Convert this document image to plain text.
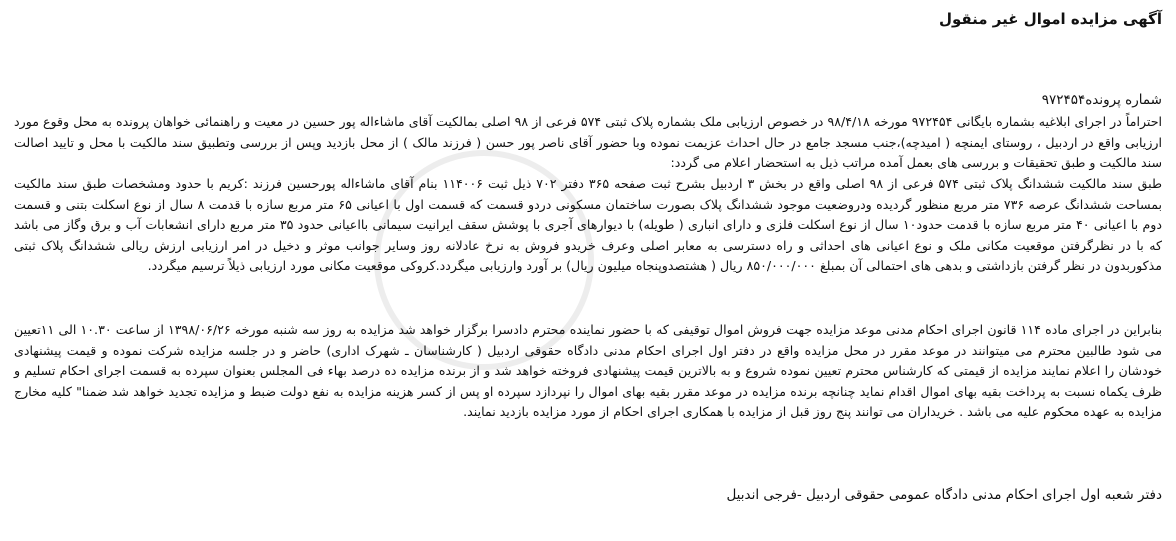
آگهی مزایده اموال غیر منقول
شماره پرونده۹۷۲۴۵۴

احتراماً در اجرای ابلاغیه بشماره بایگانی ۹۷۲۴۵۴ مورخه ۹۸/۴/۱۸ در خصوص ارزیابی ملک بشماره پلاک ثبتی ۵۷۴ فرعی از ۹۸ اصلی بمالکیت آقای ماشاءاله پور حسین در معیت و راهنمائی خواهان پرونده به محل وقوع مورد ارزیابی واقع در اردبیل ، روستای ایمنچه ( امیدچه)،جنب مسجد جامع در حال احداث عزیمت نموده وبا حضور آقای ناصر پور حسن ( فرزند مالک ) از محل بازدید وپس از بررسی وتطبیق سند مالکیت با محل و تایید اصالت سند مالکیت و طبق تحقیقات و بررسی های بعمل آمده مراتب ذیل به استحضار اعلام می گردد:

طبق سند مالکیت ششدانگ پلاک ثبتی ۵۷۴ فرعی از ۹۸ اصلی واقع در بخش ۳ اردبیل بشرح ثبت صفحه ۳۶۵ دفتر ۷۰۲ ذیل ثبت ۱۱۴۰۰۶ بنام آقای ماشاءاله پورحسین فرزند :کریم با حدود ومشخصات طبق سند مالکیت بمساحت ششدانگ عرصه ۷۳۶ متر مربع منظور گردیده ودروضعیت موجود ششدانگ پلاک بصورت ساختمان مسکونی دردو قسمت که قسمت اول با اعیانی ۶۵ متر مربع سازه با قدمت ۸ سال از نوع اسکلت بتنی و قسمت دوم با اعیانی ۴۰ متر مربع سازه با قدمت حدود۱۰ سال از نوع اسکلت فلزی و دارای انباری ( طویله) با دیوارهای آجری با پوشش سقف ایرانیت سیمانی بااعیانی حدود ۳۵ متر مربع دارای انشعابات آب و برق وگاز می باشد که با در نظرگرفتن موقعیت مکانی ملک و نوع اعیانی های احداثی و راه دسترسی به معابر اصلی وعرف خریدو فروش به نرخ عادلانه روز وسایر جوانب موثر و دخیل در امر ارزیابی ارزش ریالی ششدانگ پلاک ثبتی مذکوربدون در نظر گرفتن بازداشتی و بدهی های احتمالی آن بمبلغ ۸۵۰/۰۰۰/۰۰۰ ریال ( هشتصدوپنجاه میلیون ریال) بر آورد وارزیابی میگردد.کروکی موقعیت مکانی مورد ارزیابی ذیلاً ترسیم میگردد.

بنابراین در اجرای ماده ۱۱۴ قانون اجرای احکام مدنی موعد مزایده جهت فروش اموال توقیفی که با حضور نماینده محترم دادسرا برگزار خواهد شد مزایده به روز سه شنبه مورخه ۱۳۹۸/۰۶/۲۶ از ساعت ۱۰.۳۰ الی ۱۱تعیین می شود طالبین محترم می میتوانند در موعد مقرر در محل مزایده واقع در دفتر اول اجرای احکام مدنی دادگاه حقوقی اردبیل ( کارشناسان ـ شهرک اداری) حاضر و در جلسه مزایده شرکت نموده و قیمت پیشنهادی خودشان را اعلام نمایند مزایده از قیمتی که کارشناس محترم تعیین نموده شروع و به بالاترین قیمت پیشنهادی فروخته خواهد شد و از برنده مزایده ده درصد بهاء فی المجلس بعنوان سپرده به قسمت اجرای احکام تسلیم و ظرف یکماه نسبت به پرداخت بقیه بهای اموال اقدام نماید چنانچه برنده مزایده در موعد مقرر بقیه بهای اموال را نپردازد سپرده او پس از کسر هزینه مزایده به نفع دولت ضبط و مزایده تجدید خواهد شد ضمنا" کلیه مخارج مزایده به عهده محکوم علیه می باشد . خریداران می توانند پنج روز قبل از مزایده با همکاری اجرای احکام از مورد مزایده بازدید نمایند.

دفتر شعبه اول اجرای احکام مدنی دادگاه عمومی حقوقی اردبیل -فرجی اندبیل
